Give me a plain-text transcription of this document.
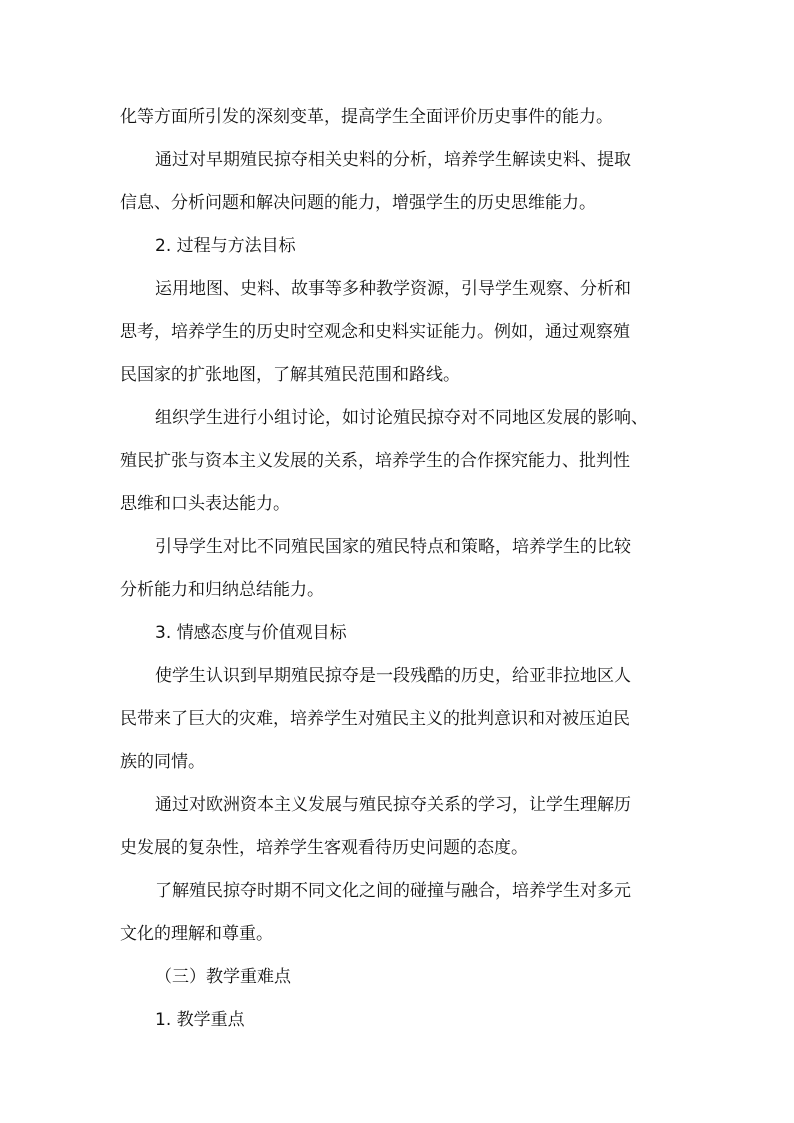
化等方面所引发的深刻变革，提高学生全面评价历史事件的能力。
通过对早期殖民掠夺相关史料的分析，培养学生解读史料、提取
信息、分析问题和解决问题的能力，增强学生的历史思维能力。
2. 过程与方法目标
运用地图、史料、故事等多种教学资源，引导学生观察、分析和
思考，培养学生的历史时空观念和史料实证能力。例如，通过观察殖
民国家的扩张地图，了解其殖民范围和路线。
组织学生进行小组讨论，如讨论殖民掠夺对不同地区发展的影响、
殖民扩张与资本主义发展的关系，培养学生的合作探究能力、批判性
思维和口头表达能力。
引导学生对比不同殖民国家的殖民特点和策略，培养学生的比较
分析能力和归纳总结能力。
3. 情感态度与价值观目标
使学生认识到早期殖民掠夺是一段残酷的历史，给亚非拉地区人
民带来了巨大的灾难，培养学生对殖民主义的批判意识和对被压迫民
族的同情。
通过对欧洲资本主义发展与殖民掠夺关系的学习，让学生理解历
史发展的复杂性，培养学生客观看待历史问题的态度。
了解殖民掠夺时期不同文化之间的碰撞与融合，培养学生对多元
文化的理解和尊重。
（三）教学重难点
1. 教学重点
